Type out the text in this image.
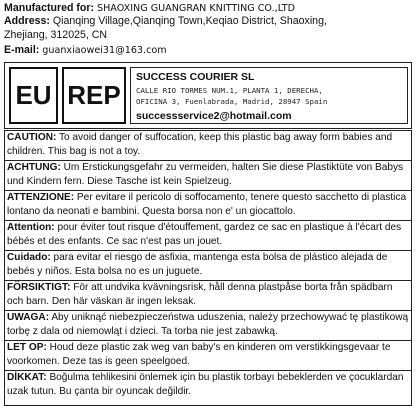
Manufactured for: SHAOXING GUANGRAN KNITTING CO.,LTD
Address: Qianqing Village,Qianqing Town,Keqiao District, Shaoxing,
Zhejiang, 312025, CN
E-mail: guanxiaowei31@163.com
EU REP
SUCCESS COURIER SL
CALLE RIO TORMES NUM.1, PLANTA 1, DERECHA,
OFICINA 3, Fuenlabrada, Madrid, 28947 Spain
successservice2@hotmail.com
CAUTION: To avoid danger of suffocation, keep this plastic bag away form babies and children. This bag is not a toy.
ACHTUNG: Um Erstickungsgefahr zu vermeiden, halten Sie diese Plastiktüte von Babys und Kindern fern. Diese Tasche ist kein Spielzeug.
ATTENZIONE: Per evitare il pericolo di soffocamento, tenere questo sacchetto di plastica lontano da neonati e bambini. Questa borsa non e' un giocattolo.
Attention: pour éviter tout risque d'étouffement, gardez ce sac en plastique à l'écart des bébés et des enfants. Ce sac n'est pas un jouet.
Cuidado: para evitar el riesgo de asfixia, mantenga esta bolsa de plástico alejada de bebés y niños. Esta bolsa no es un juguete.
FÖRSIKTIGT: För att undvika kvävningsrisk, håll denna plastpåse borta från spädbarn och barn. Den här väskan är ingen leksak.
UWAGA: Aby uniknąć niebezpieczeństwa uduszenia, należy przechowywać tę plastikową torbę z dala od niemowląt i dzieci. Ta torba nie jest zabawką.
LET OP: Houd deze plastic zak weg van baby's en kinderen om verstikkingsgevaar te voorkomen. Deze tas is geen speelgoed.
DİKKAT: Boğulma tehlikesini önlemek için bu plastik torbayı bebeklerden ve çocuklardan uzak tutun. Bu çanta bir oyuncak değildir.
